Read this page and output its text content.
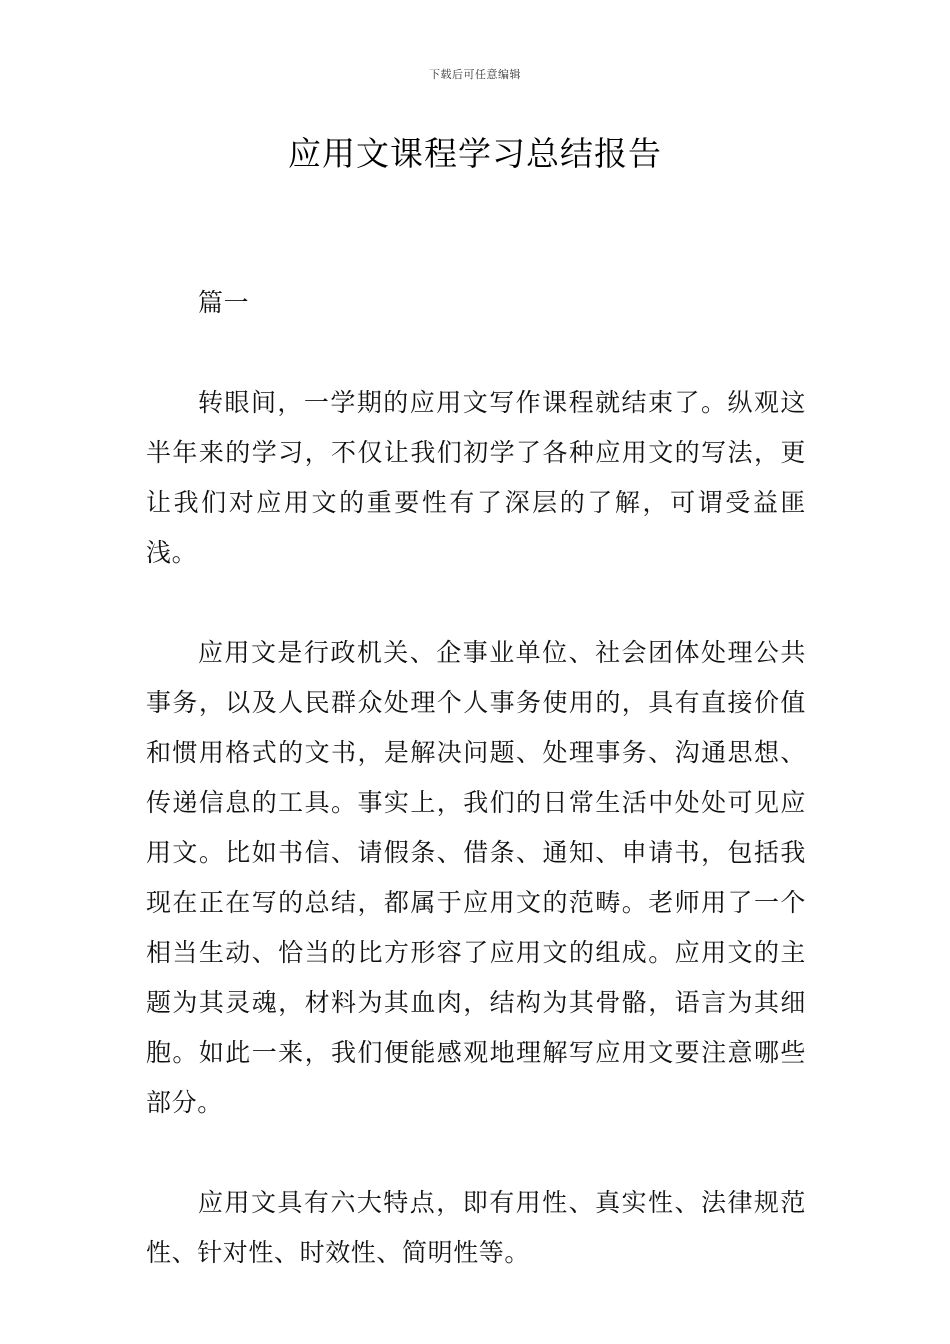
下载后可任意编辑
应用文课程学习总结报告

篇一

转眼间，一学期的应用文写作课程就结束了。纵观这半年来的学习，不仅让我们初学了各种应用文的写法，更让我们对应用文的重要性有了深层的了解，可谓受益匪浅。

应用文是行政机关、企事业单位、社会团体处理公共事务，以及人民群众处理个人事务使用的，具有直接价值和惯用格式的文书，是解决问题、处理事务、沟通思想、传递信息的工具。事实上，我们的日常生活中处处可见应用文。比如书信、请假条、借条、通知、申请书，包括我现在正在写的总结，都属于应用文的范畴。老师用了一个相当生动、恰当的比方形容了应用文的组成。应用文的主题为其灵魂，材料为其血肉，结构为其骨骼，语言为其细胞。如此一来，我们便能感观地理解写应用文要注意哪些部分。

应用文具有六大特点，即有用性、真实性、法律规范性、针对性、时效性、简明性等。
